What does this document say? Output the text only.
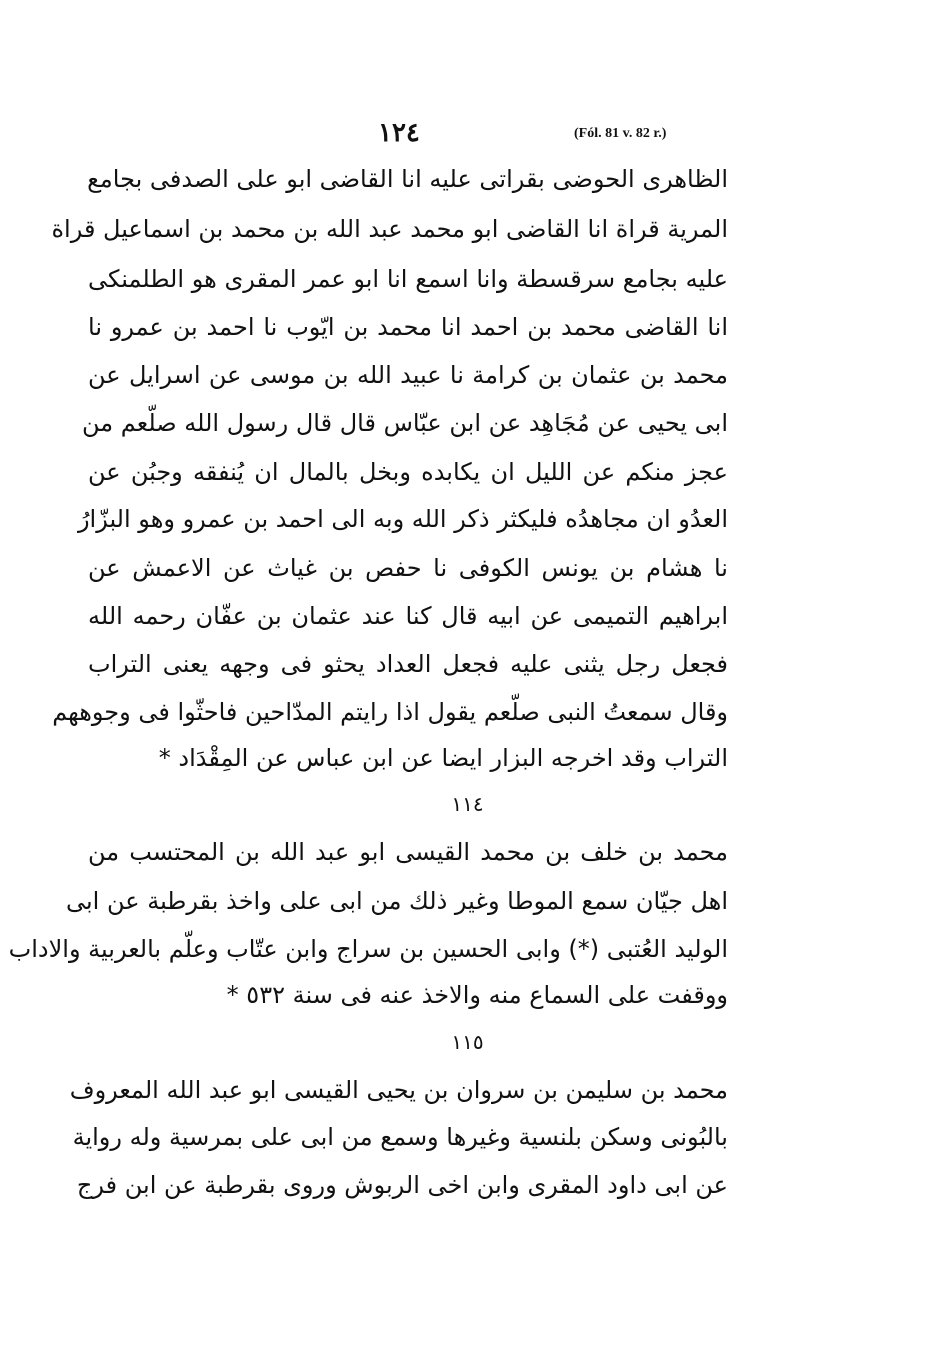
١٢٤	(Fól. 81 v. 82 r.)
الظاهرى الحوضى بقراتى عليه انا القاضى ابو على الصدفى بجامع
المرية قراة انا القاضى ابو محمد عبد الله بن محمد بن اسماعيل قراة
عليه بجامع سرقسطة وانا اسمع انا ابو عمر المقرى هو الطلمنكى
انا القاضى محمد بن احمد انا محمد بن ايّوب نا احمد بن عمرو نا
محمد بن عثمان بن كرامة نا عبيد الله بن موسى عن اسرايل عن
ابى يحيى عن مُجَاهِد عن ابن عبّاس قال قال رسول الله صلّعم من
عجز منكم عن الليل ان يكابده وبخل بالمال ان يُنفقه وجبُن عن
العدُو ان مجاهدُه فليكثر ذكر الله وبه الى احمد بن عمرو وهو البزّارُ
نا هشام بن يونس الكوفى نا حفص بن غياث عن الاعمش عن
ابراهيم التميمى عن ابيه قال كنا عند عثمان بن عفّان رحمه الله
فجعل رجل يثنى عليه فجعل العداد يحثو فى وجهه يعنى التراب
وقال سمعتُ النبى صلّعم يقول اذا رايتم المدّاحين فاحثّوا فى وجوههم
التراب وقد اخرجه البزار ايضا عن ابن عباس عن المِقْدَاد *
١١٤
محمد بن خلف بن محمد القيسى ابو عبد الله بن المحتسب من
اهل جيّان سمع الموطا وغير ذلك من ابى على واخذ بقرطبة عن ابى
الوليد العُتبى (*) وابى الحسين بن سراج وابن عتّاب وعلّم بالعربية والاداب
ووقفت على السماع منه والاخذ عنه فى سنة ٥٣٢ *
١١٥
محمد بن سليمن بن سروان بن يحيى القيسى ابو عبد الله المعروف
بالبُونى وسكن بلنسية وغيرها وسمع من ابى على بمرسية وله رواية
عن ابى داود المقرى وابن اخى الربوش وروى بقرطبة عن ابن فرج
